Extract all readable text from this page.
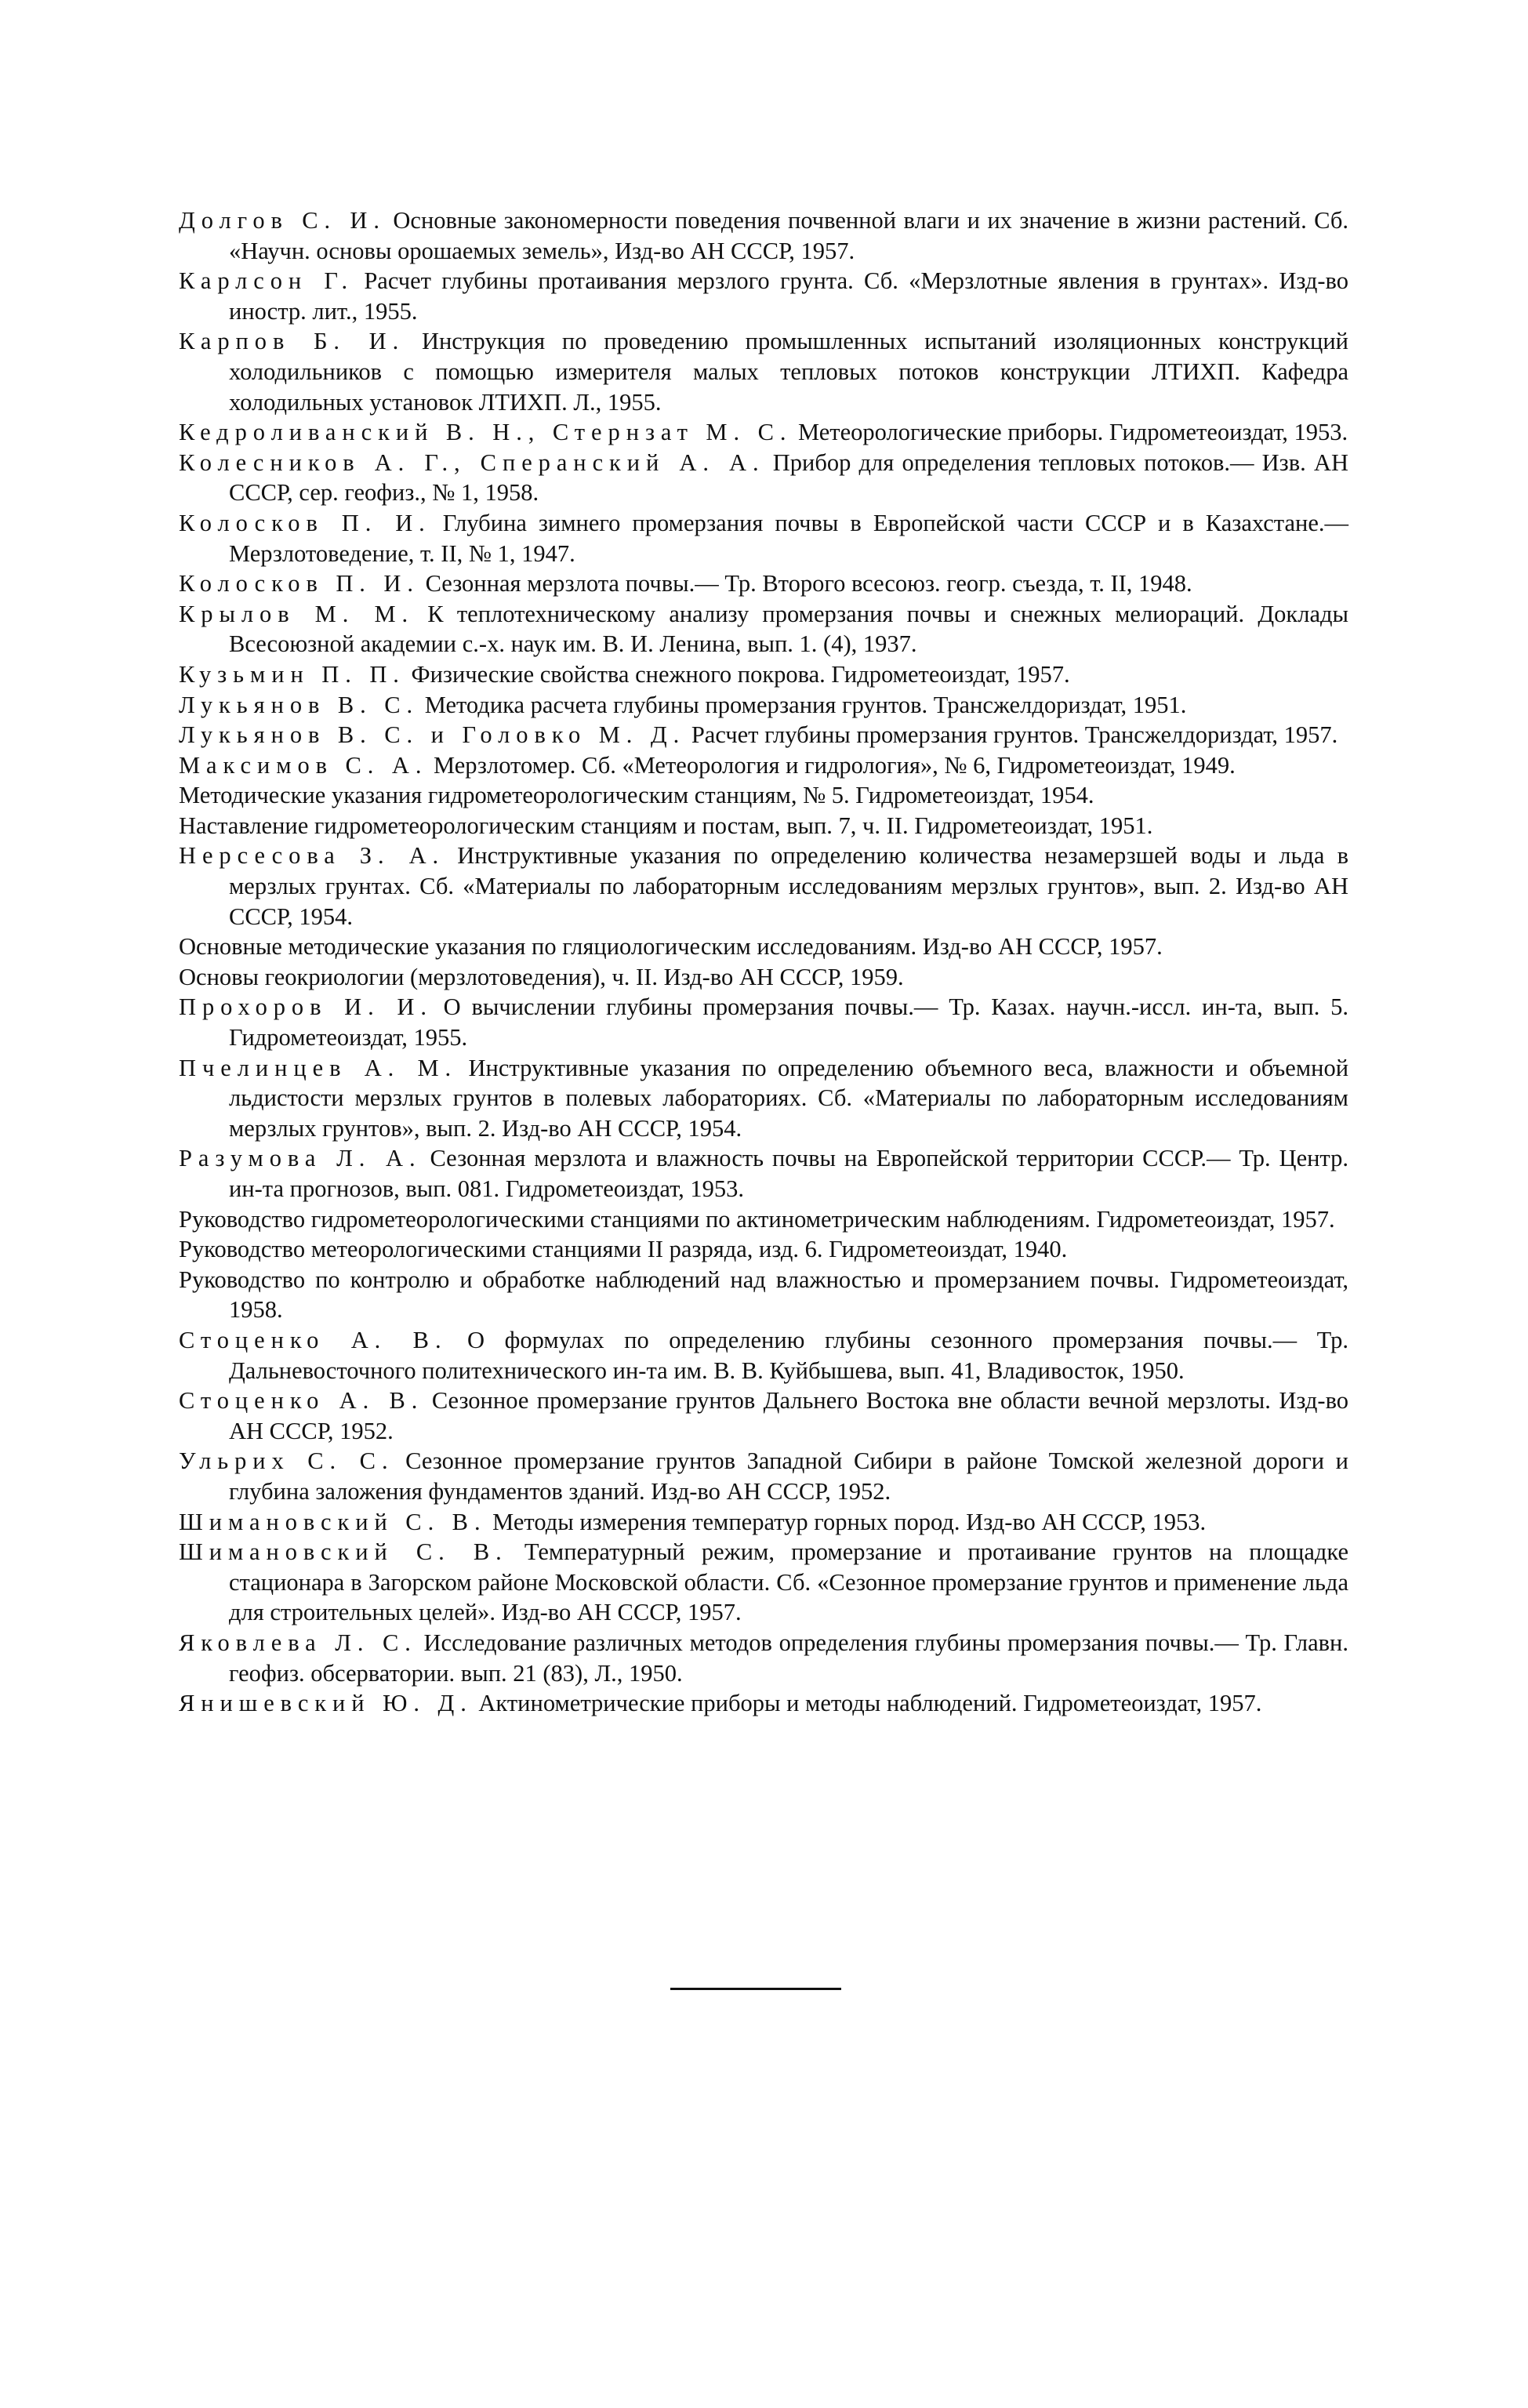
Долгов С. И. Основные закономерности поведения почвенной влаги и их значение в жизни растений. Сб. «Научн. основы орошаемых земель», Изд-во АН СССР, 1957.
Карлсон Г. Расчет глубины протаивания мерзлого грунта. Сб. «Мерзлотные явления в грунтах». Изд-во иностр. лит., 1955.
Карпов Б. И. Инструкция по проведению промышленных испытаний изоляционных конструкций холодильников с помощью измерителя малых тепловых потоков конструкции ЛТИХП. Кафедра холодильных установок ЛТИХП. Л., 1955.
Кедроливанский В. Н., Стернзат М. С. Метеорологические приборы. Гидрометеоиздат, 1953.
Колесников А. Г., Сперанский А. А. Прибор для определения тепловых потоков.— Изв. АН СССР, сер. геофиз., № 1, 1958.
Колосков П. И. Глубина зимнего промерзания почвы в Европейской части СССР и в Казахстане.— Мерзлотоведение, т. II, № 1, 1947.
Колосков П. И. Сезонная мерзлота почвы.— Тр. Второго всесоюз. геогр. съезда, т. II, 1948.
Крылов М. М. К теплотехническому анализу промерзания почвы и снежных мелиораций. Доклады Всесоюзной академии с.-х. наук им. В. И. Ленина, вып. 1. (4), 1937.
Кузьмин П. П. Физические свойства снежного покрова. Гидрометеоиздат, 1957.
Лукьянов В. С. Методика расчета глубины промерзания грунтов. Трансжелдориздат, 1951.
Лукьянов В. С. и Головко М. Д. Расчет глубины промерзания грунтов. Трансжелдориздат, 1957.
Максимов С. А. Мерзлотомер. Сб. «Метеорология и гидрология», № 6, Гидрометеоиздат, 1949.
Методические указания гидрометеорологическим станциям, № 5. Гидрометеоиздат, 1954.
Наставление гидрометеорологическим станциям и постам, вып. 7, ч. II. Гидрометеоиздат, 1951.
Нерсесова З. А. Инструктивные указания по определению количества незамерзшей воды и льда в мерзлых грунтах. Сб. «Материалы по лабораторным исследованиям мерзлых грунтов», вып. 2. Изд-во АН СССР, 1954.
Основные методические указания по гляциологическим исследованиям. Изд-во АН СССР, 1957.
Основы геокриологии (мерзлотоведения), ч. II. Изд-во АН СССР, 1959.
Прохоров И. И. О вычислении глубины промерзания почвы.— Тр. Казах. научн.-иссл. ин-та, вып. 5. Гидрометеоиздат, 1955.
Пчелинцев А. М. Инструктивные указания по определению объемного веса, влажности и объемной льдистости мерзлых грунтов в полевых лабораториях. Сб. «Материалы по лабораторным исследованиям мерзлых грунтов», вып. 2. Изд-во АН СССР, 1954.
Разумова Л. А. Сезонная мерзлота и влажность почвы на Европейской территории СССР.— Тр. Центр. ин-та прогнозов, вып. 081. Гидрометеоиздат, 1953.
Руководство гидрометеорологическими станциями по актинометрическим наблюдениям. Гидрометеоиздат, 1957.
Руководство метеорологическими станциями II разряда, изд. 6. Гидрометеоиздат, 1940.
Руководство по контролю и обработке наблюдений над влажностью и промерзанием почвы. Гидрометеоиздат, 1958.
Стоценко А. В. О формулах по определению глубины сезонного промерзания почвы.— Тр. Дальневосточного политехнического ин-та им. В. В. Куйбышева, вып. 41, Владивосток, 1950.
Стоценко А. В. Сезонное промерзание грунтов Дальнего Востока вне области вечной мерзлоты. Изд-во АН СССР, 1952.
Ульрих С. С. Сезонное промерзание грунтов Западной Сибири в районе Томской железной дороги и глубина заложения фундаментов зданий. Изд-во АН СССР, 1952.
Шимановский С. В. Методы измерения температур горных пород. Изд-во АН СССР, 1953.
Шимановский С. В. Температурный режим, промерзание и протаивание грунтов на площадке стационара в Загорском районе Московской области. Сб. «Сезонное промерзание грунтов и применение льда для строительных целей». Изд-во АН СССР, 1957.
Яковлева Л. С. Исследование различных методов определения глубины промерзания почвы.— Тр. Главн. геофиз. обсерватории. вып. 21 (83), Л., 1950.
Янишевский Ю. Д. Актинометрические приборы и методы наблюдений. Гидрометеоиздат, 1957.
